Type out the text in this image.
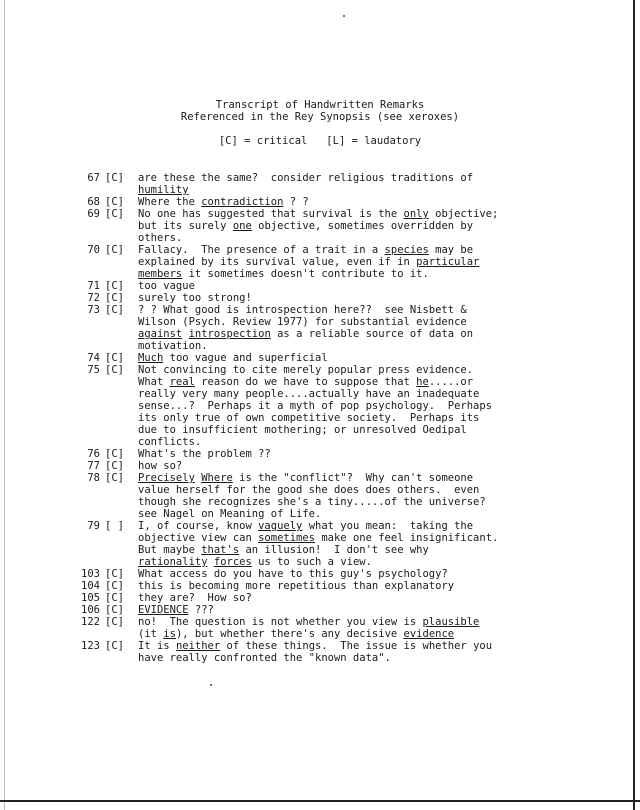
Transcript of Handwritten Remarks
Referenced in the Rey Synopsis (see xeroxes)
[C] = critical   [L] = laudatory
67 [C]	are these the same?  consider religious traditions of
humility
68 [C]	Where the contradiction ? ?
69 [C]	No one has suggested that survival is the only objective;
but its surely one objective, sometimes overridden by
others.
70 [C]	Fallacy.  The presence of a trait in a species may be
explained by its survival value, even if in particular
members it sometimes doesn't contribute to it.
71 [C]	too vague
72 [C]	surely too strong!
73 [C]	? ? What good is introspection here??  see Nisbett &
Wilson (Psych. Review 1977) for substantial evidence
against introspection as a reliable source of data on
motivation.
74 [C]	Much too vague and superficial
75 [C]	Not convincing to cite merely popular press evidence.
What real reason do we have to suppose that he.....or
really very many people....actually have an inadequate
sense...?  Perhaps it a myth of pop psychology.  Perhaps
its only true of own competitive society.  Perhaps its
due to insufficient mothering; or unresolved Oedipal
conflicts.
76 [C]	What's the problem ??
77 [C]	how so?
78 [C]	Precisely Where is the "conflict"?  Why can't someone
value herself for the good she does does others.  even
though she recognizes she's a tiny.....of the universe?
see Nagel on Meaning of Life.
79 [ ]	I, of course, know vaguely what you mean:  taking the
objective view can sometimes make one feel insignificant.
But maybe that's an illusion!  I don't see why
rationality forces us to such a view.
103 [C]	What access do you have to this guy's psychology?
104 [C]	this is becoming more repetitious than explanatory
105 [C]	they are?  How so?
106 [C]	EVIDENCE ???
122 [C]	no!  The question is not whether you view is plausible
(it is), but whether there's any decisive evidence
123 [C]	It is neither of these things.  The issue is whether you
have really confronted the "known data".
